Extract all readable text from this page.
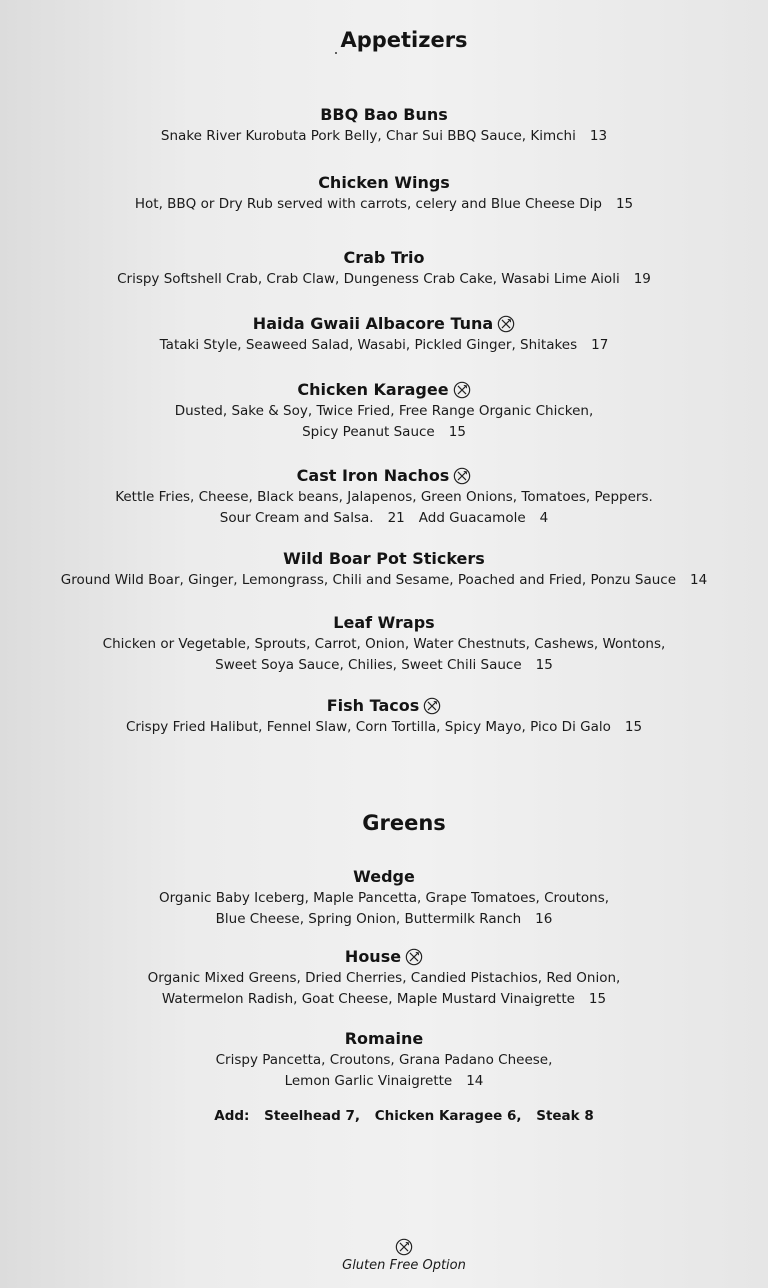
Appetizers
BBQ Bao Buns
Snake River Kurobuta Pork Belly, Char Sui BBQ Sauce, Kimchi 13
Chicken Wings
Hot, BBQ or Dry Rub served with carrots, celery and Blue Cheese Dip 15
Crab Trio
Crispy Softshell Crab, Crab Claw, Dungeness Crab Cake, Wasabi Lime Aioli 19
Haida Gwaii Albacore Tuna
Tataki Style, Seaweed Salad, Wasabi, Pickled Ginger, Shitakes 17
Chicken Karagee
Dusted, Sake & Soy, Twice Fried, Free Range Organic Chicken,
Spicy Peanut Sauce 15
Cast Iron Nachos
Kettle Fries, Cheese, Black beans, Jalapenos, Green Onions, Tomatoes, Peppers.
Sour Cream and Salsa. 21 Add Guacamole 4
Wild Boar Pot Stickers
Ground Wild Boar, Ginger, Lemongrass, Chili and Sesame, Poached and Fried, Ponzu Sauce 14
Leaf Wraps
Chicken or Vegetable, Sprouts, Carrot, Onion, Water Chestnuts, Cashews, Wontons,
Sweet Soya Sauce, Chilies, Sweet Chili Sauce 15
Fish Tacos
Crispy Fried Halibut, Fennel Slaw, Corn Tortilla, Spicy Mayo, Pico Di Galo 15
Greens
Wedge
Organic Baby Iceberg, Maple Pancetta, Grape Tomatoes, Croutons,
Blue Cheese, Spring Onion, Buttermilk Ranch 16
House
Organic Mixed Greens, Dried Cherries, Candied Pistachios, Red Onion,
Watermelon Radish, Goat Cheese, Maple Mustard Vinaigrette 15
Romaine
Crispy Pancetta, Croutons, Grana Padano Cheese,
Lemon Garlic Vinaigrette 14
Add: Steelhead 7, Chicken Karagee 6, Steak 8
Gluten Free Option
